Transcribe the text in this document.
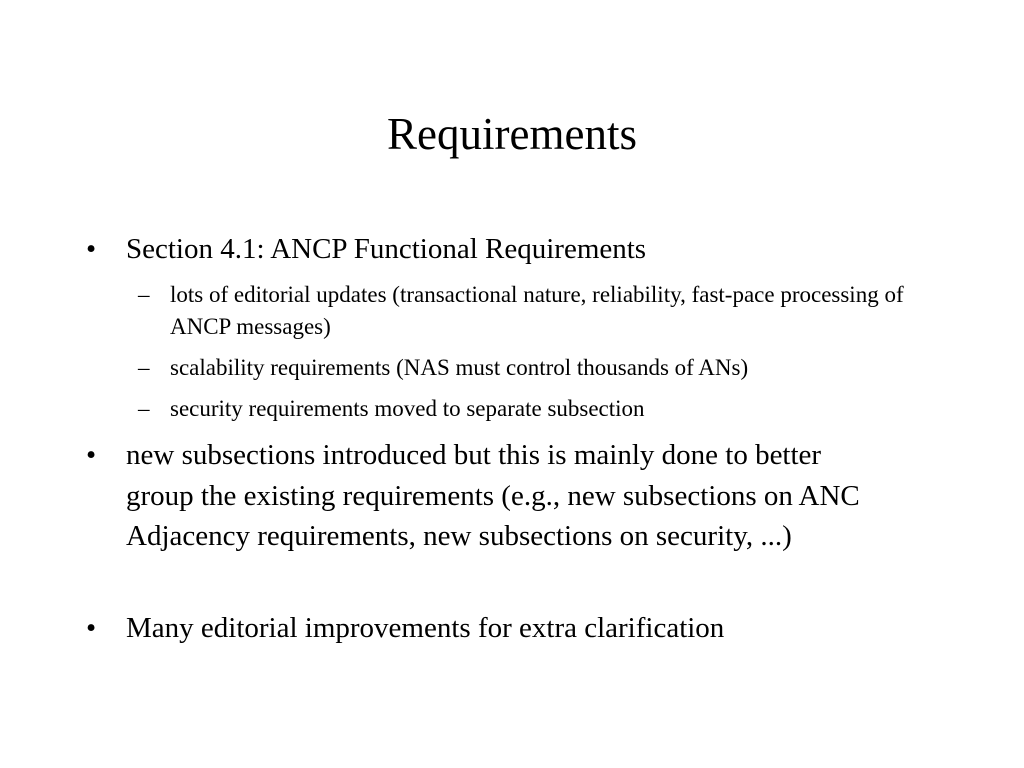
Requirements
• Section 4.1: ANCP Functional Requirements
– lots of editorial updates (transactional nature, reliability, fast-pace processing of ANCP messages)
– scalability requirements (NAS must control thousands of ANs)
– security requirements moved to separate subsection
• new subsections introduced but this is mainly done to better group the existing requirements (e.g., new subsections on ANC Adjacency requirements, new subsections on security, ...)
• Many editorial improvements for extra clarification
